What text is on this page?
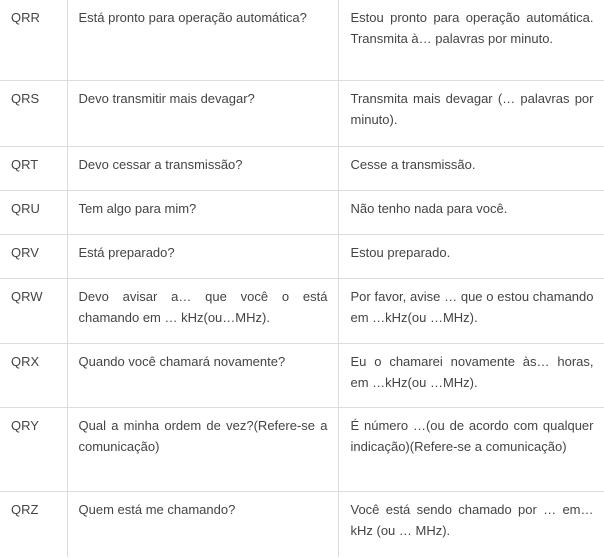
QRR	Está pronto para operação automática?	Estou pronto para operação automática. Transmita à… palavras por minuto.
QRS	Devo transmitir mais devagar?	Transmita mais devagar (… palavras por minuto).
QRT	Devo cessar a transmissão?	Cesse a transmissão.
QRU	Tem algo para mim?	Não tenho nada para você.
QRV	Está preparado?	Estou preparado.
QRW	Devo avisar a… que você o está chamando em … kHz(ou…MHz).	Por favor, avise … que o estou chamando em …kHz(ou …MHz).
QRX	Quando você chamará novamente?	Eu o chamarei novamente às… horas, em …kHz(ou …MHz).
QRY	Qual a minha ordem de vez?(Refere-se a comunicação)	É número …(ou de acordo com qualquer indicação)(Refere-se a comunicação)
QRZ	Quem está me chamando?	Você está sendo chamado por … em… kHz (ou … MHz).
